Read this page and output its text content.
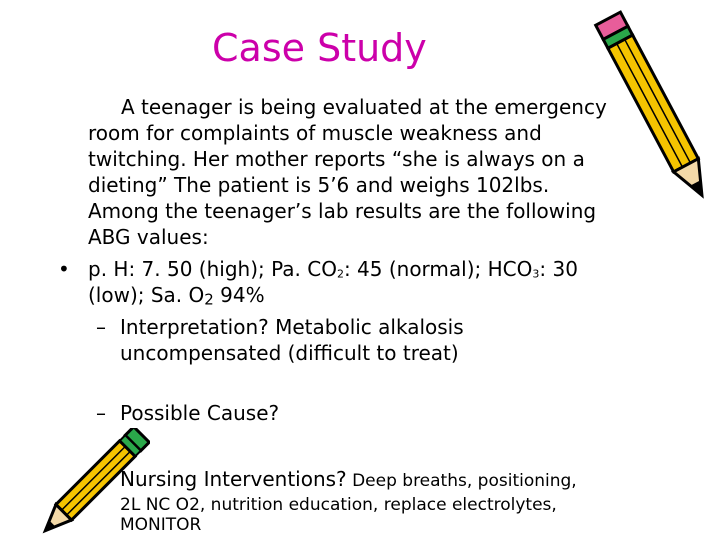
Case Study
A teenager is being evaluated at the emergency
room for complaints of muscle weakness and
twitching. Her mother reports “she is always on a
dieting” The patient is 5’6 and weighs 102lbs.
Among the teenager’s lab results are the following
ABG values:
• p. H: 7. 50 (high); Pa. $CO_2$: 45 (normal); $HCO_3$: 30
(low); Sa. $O_2$ 94%
– Interpretation? Metabolic alkalosis
uncompensated (difficult to treat)
– Possible Cause?
Nursing Interventions? Deep breaths, positioning,
2L NC O2, nutrition education, replace electrolytes,
MONITOR
